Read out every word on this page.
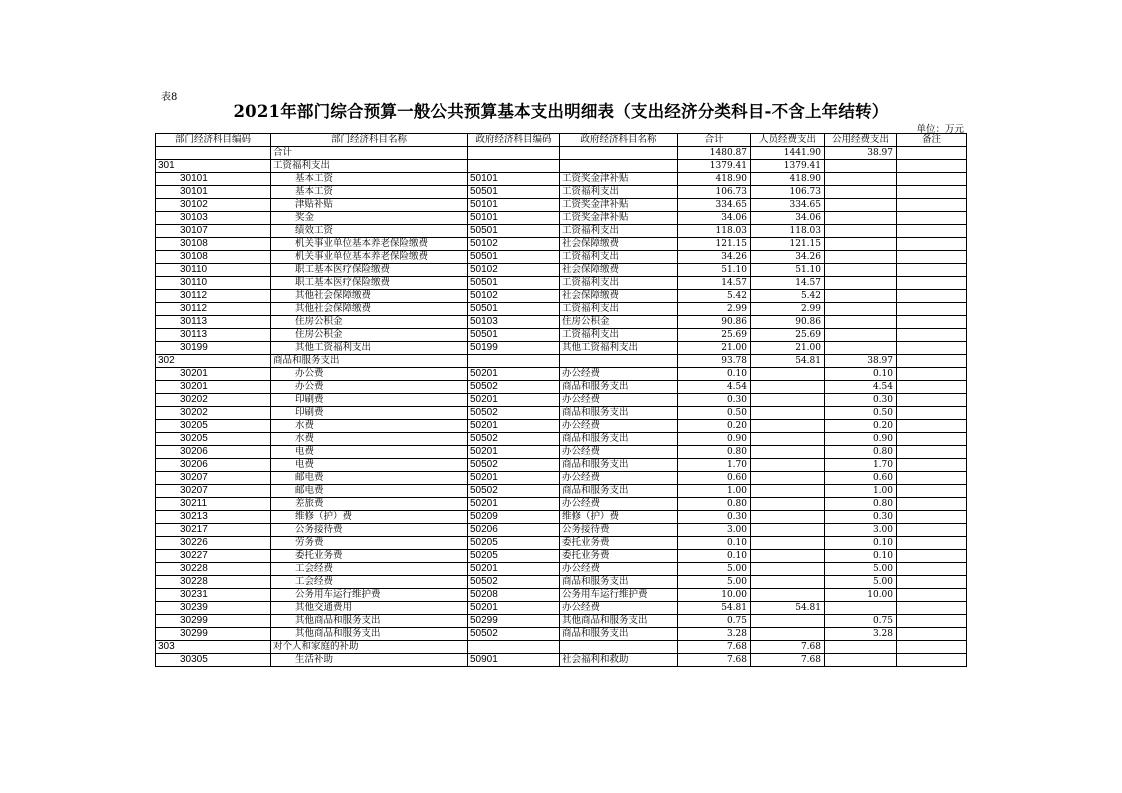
表8
2021年部门综合预算一般公共预算基本支出明细表（支出经济分类科目-不含上年结转）
单位：万元
部门经济科目编码	部门经济科目名称	政府经济科目编码	政府经济科目名称	合计	人员经费支出	公用经费支出	备注
	合计			1480.87	1441.90	38.97	
301	工资福利支出			1379.41	1379.41		
30101	基本工资	50101	工资奖金津补贴	418.90	418.90		
30101	基本工资	50501	工资福利支出	106.73	106.73		
30102	津贴补贴	50101	工资奖金津补贴	334.65	334.65		
30103	奖金	50101	工资奖金津补贴	34.06	34.06		
30107	绩效工资	50501	工资福利支出	118.03	118.03		
30108	机关事业单位基本养老保险缴费	50102	社会保障缴费	121.15	121.15		
30108	机关事业单位基本养老保险缴费	50501	工资福利支出	34.26	34.26		
30110	职工基本医疗保险缴费	50102	社会保障缴费	51.10	51.10		
30110	职工基本医疗保险缴费	50501	工资福利支出	14.57	14.57		
30112	其他社会保障缴费	50102	社会保障缴费	5.42	5.42		
30112	其他社会保障缴费	50501	工资福利支出	2.99	2.99		
30113	住房公积金	50103	住房公积金	90.86	90.86		
30113	住房公积金	50501	工资福利支出	25.69	25.69		
30199	其他工资福利支出	50199	其他工资福利支出	21.00	21.00		
302	商品和服务支出			93.78	54.81	38.97	
30201	办公费	50201	办公经费	0.10		0.10	
30201	办公费	50502	商品和服务支出	4.54		4.54	
30202	印刷费	50201	办公经费	0.30		0.30	
30202	印刷费	50502	商品和服务支出	0.50		0.50	
30205	水费	50201	办公经费	0.20		0.20	
30205	水费	50502	商品和服务支出	0.90		0.90	
30206	电费	50201	办公经费	0.80		0.80	
30206	电费	50502	商品和服务支出	1.70		1.70	
30207	邮电费	50201	办公经费	0.60		0.60	
30207	邮电费	50502	商品和服务支出	1.00		1.00	
30211	差旅费	50201	办公经费	0.80		0.80	
30213	维修（护）费	50209	维修（护）费	0.30		0.30	
30217	公务接待费	50206	公务接待费	3.00		3.00	
30226	劳务费	50205	委托业务费	0.10		0.10	
30227	委托业务费	50205	委托业务费	0.10		0.10	
30228	工会经费	50201	办公经费	5.00		5.00	
30228	工会经费	50502	商品和服务支出	5.00		5.00	
30231	公务用车运行维护费	50208	公务用车运行维护费	10.00		10.00	
30239	其他交通费用	50201	办公经费	54.81	54.81		
30299	其他商品和服务支出	50299	其他商品和服务支出	0.75		0.75	
30299	其他商品和服务支出	50502	商品和服务支出	3.28		3.28	
303	对个人和家庭的补助			7.68	7.68		
30305	生活补助	50901	社会福利和救助	7.68	7.68		
